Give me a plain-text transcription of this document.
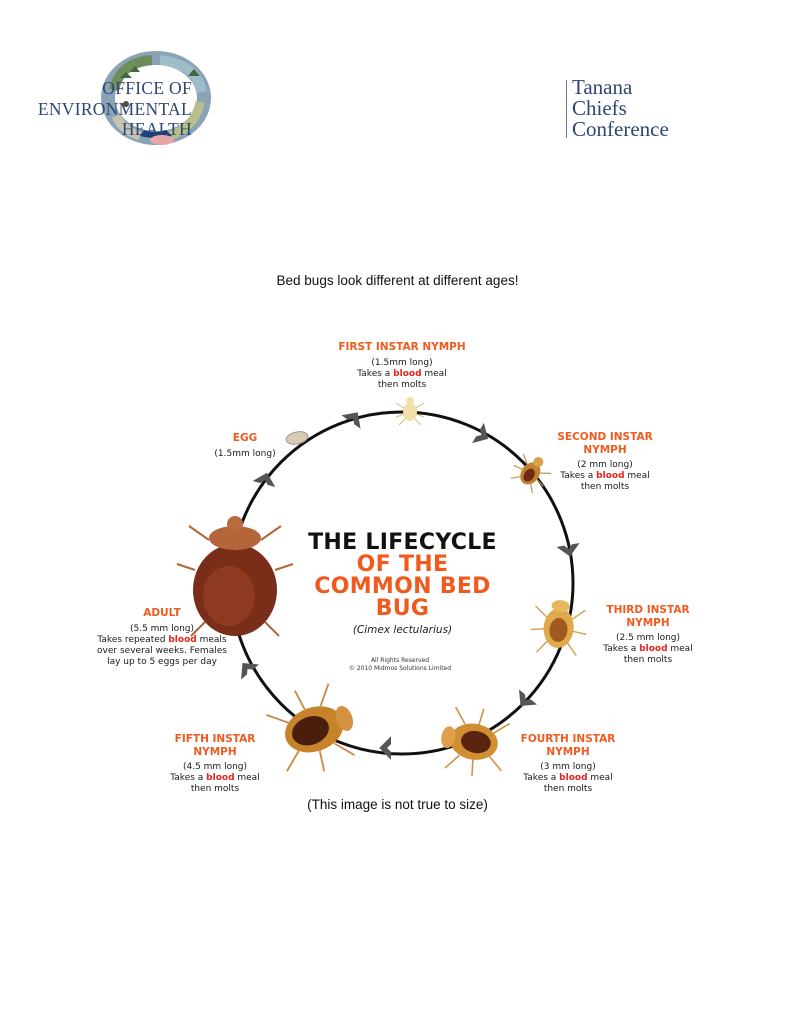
OFFICE OF
ENVIRONMENTAL
HEALTH
Tanana
Chiefs
Conference
Bed bugs look different at different ages!
FIRST INSTAR NYMPH
(1.5mm long)
Takes a blood meal
then molts
SECOND INSTAR
NYMPH
(2 mm long)
Takes a blood meal
then molts
THIRD INSTAR
NYMPH
(2.5 mm long)
Takes a blood meal
then molts
FOURTH INSTAR
NYMPH
(3 mm long)
Takes a blood meal
then molts
FIFTH INSTAR
NYMPH
(4.5 mm long)
Takes a blood meal
then molts
ADULT
(5.5 mm long)
Takes repeated blood meals
over several weeks. Females
lay up to 5 eggs per day
EGG
(1.5mm long)
THE LIFECYCLE
OF THE
COMMON BED BUG
(Cimex lectularius)
All Rights Reserved
© 2010 Midmos Solutions Limited
(This image is not true to size)
